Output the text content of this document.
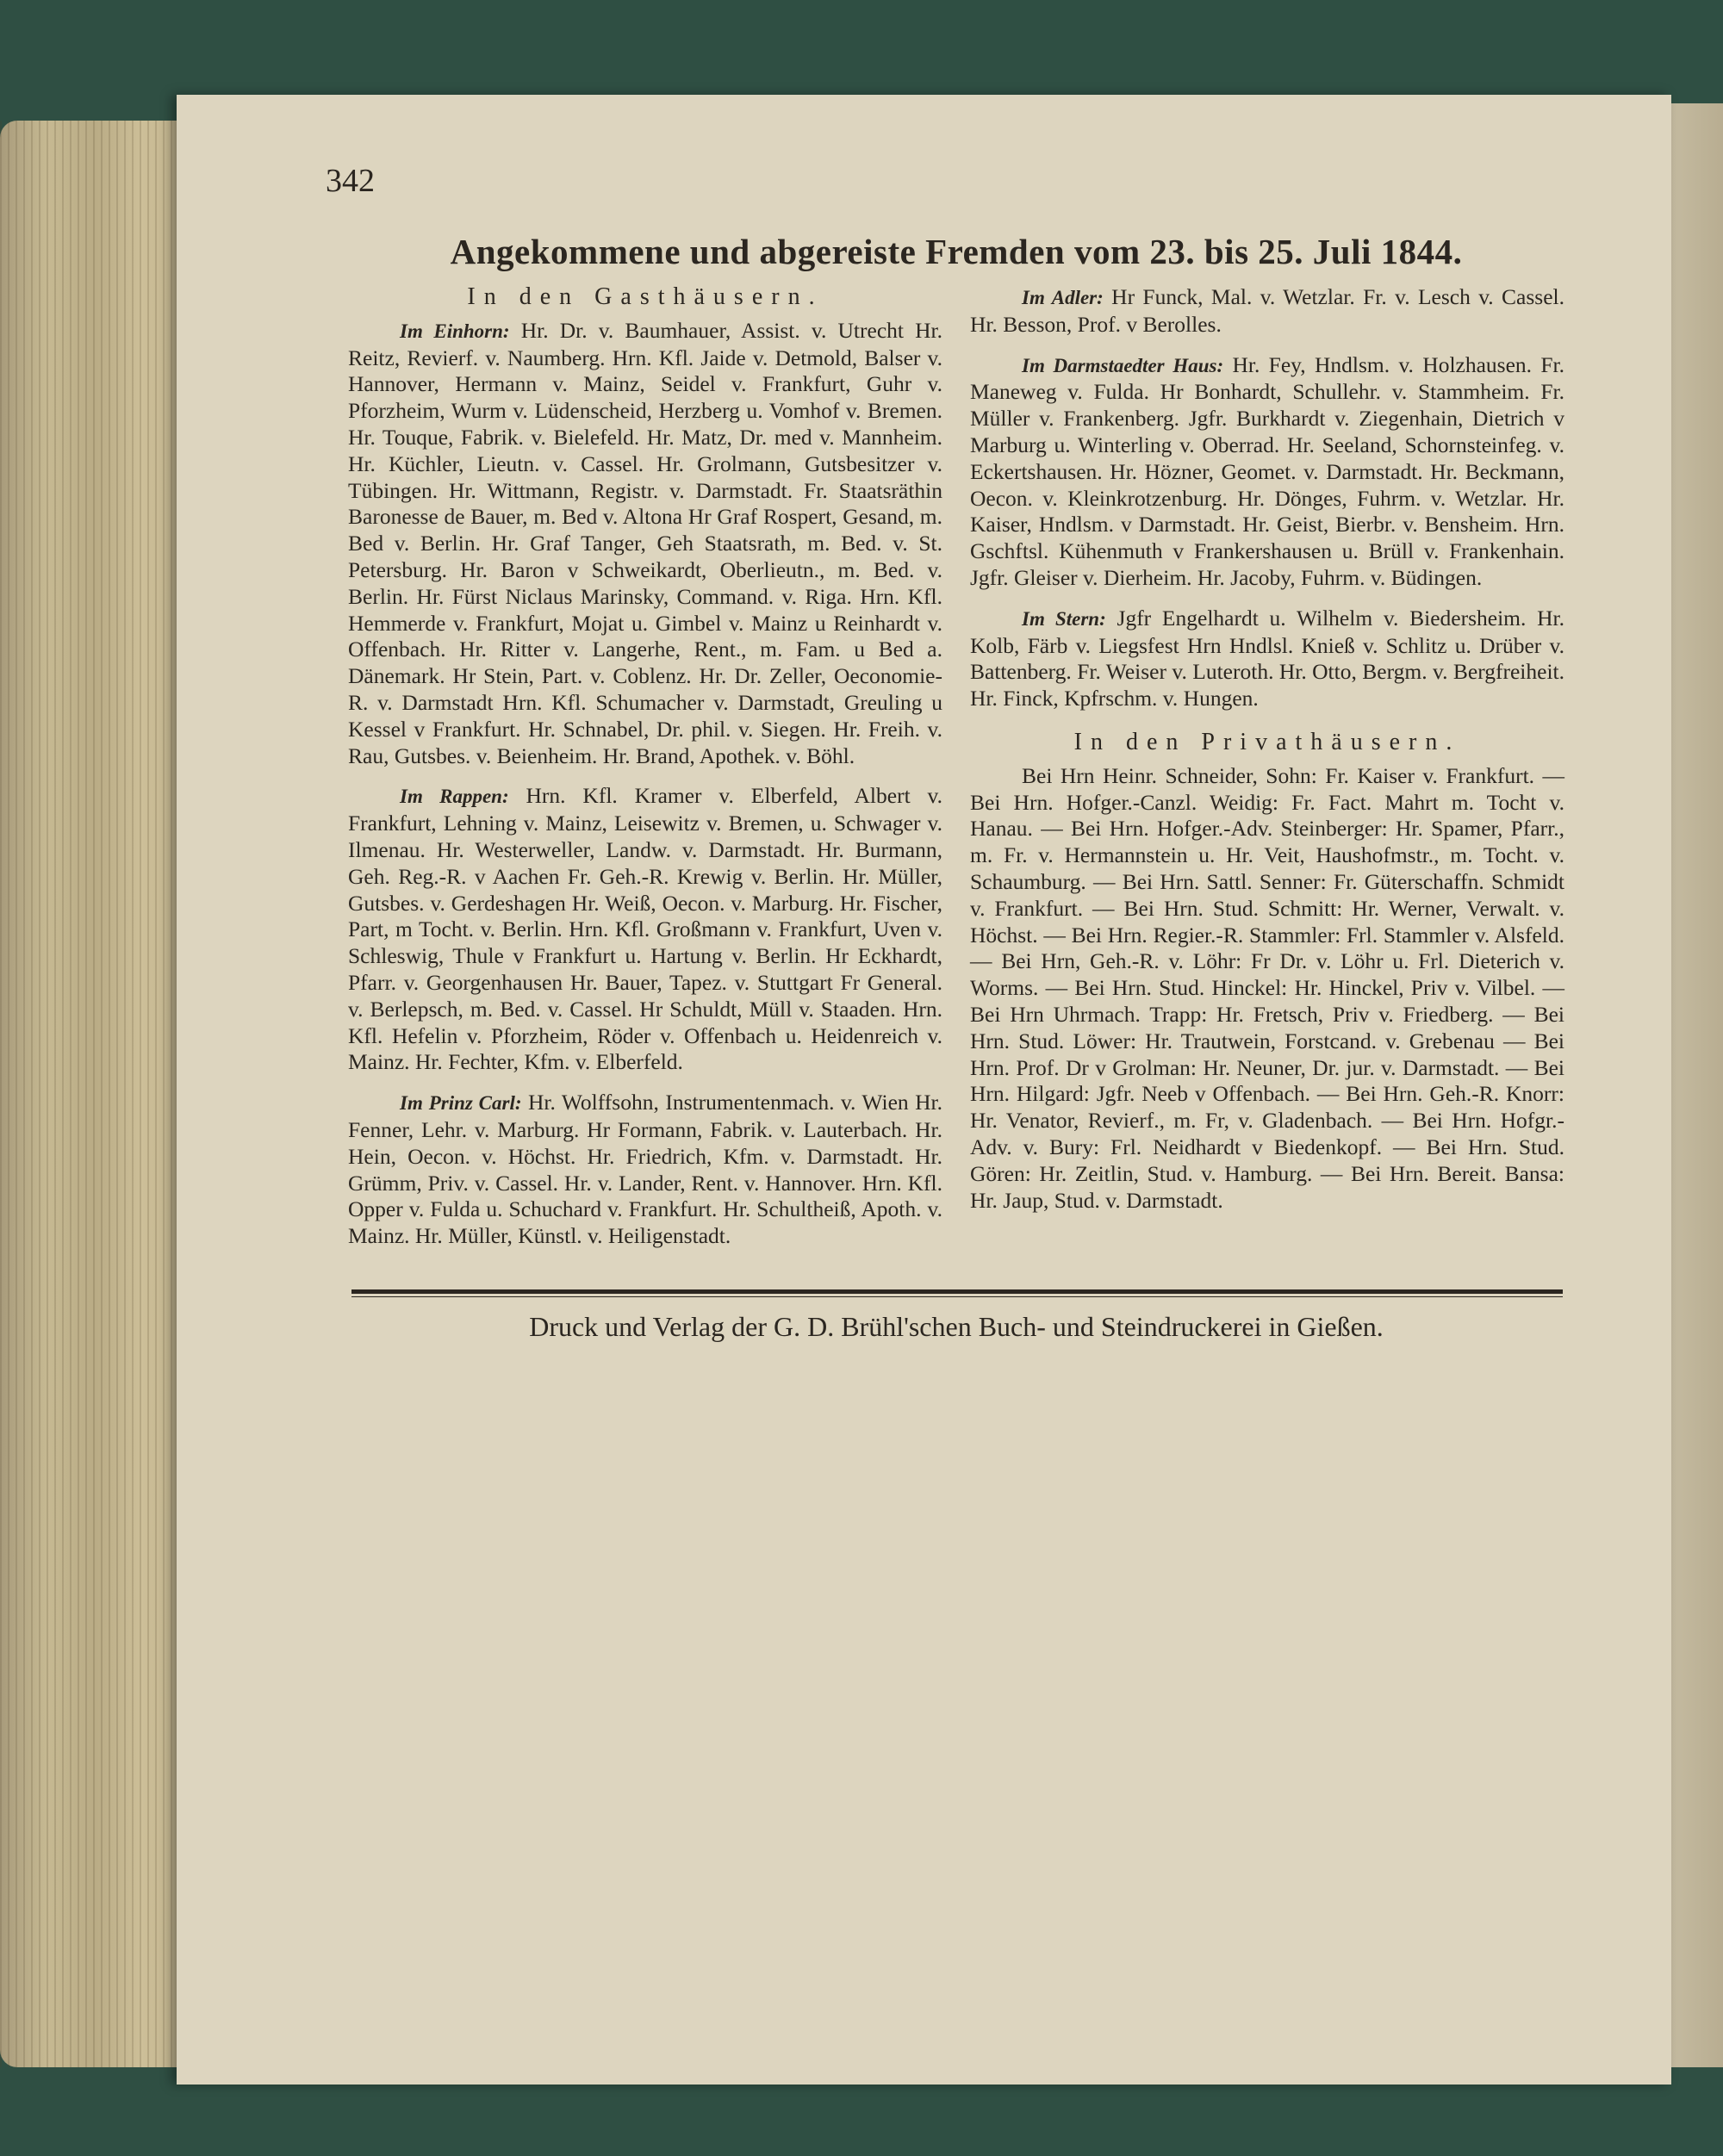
342
Angekommene und abgereiste Fremden vom 23. bis 25. Juli 1844.
In den Gasthäusern.

Im Einhorn: Hr. Dr. v. Baumhauer, Assist. v. Utrecht Hr. Reitz, Revierf. v. Naumberg. Hrn. Kfl. Jaide v. Detmold, Balser v. Hannover, Hermann v. Mainz, Seidel v. Frankfurt, Guhr v. Pforzheim, Wurm v. Lüdenscheid, Herzberg u. Vomhof v. Bremen. Hr. Touque, Fabrik. v. Bielefeld. Hr. Matz, Dr. med v. Mannheim. Hr. Küchler, Lieutn. v. Cassel. Hr. Grolmann, Gutsbesitzer v. Tübingen. Hr. Wittmann, Registr. v. Darmstadt. Fr. Staatsräthin Baronesse de Bauer, m. Bed v. Altona Hr Graf Rospert, Gesand, m. Bed v. Berlin. Hr. Graf Tanger, Geh Staatsrath, m. Bed. v. St. Petersburg. Hr. Baron v Schweikardt, Oberlieutn., m. Bed. v. Berlin. Hr. Fürst Niclaus Marinsky, Command. v. Riga. Hrn. Kfl. Hemmerde v. Frankfurt, Mojat u. Gimbel v. Mainz u Reinhardt v. Offenbach. Hr. Ritter v. Langerhe, Rent., m. Fam. u Bed a. Dänemark. Hr Stein, Part. v. Coblenz. Hr. Dr. Zeller, Oeconomie-R. v. Darmstadt Hrn. Kfl. Schumacher v. Darmstadt, Greuling u Kessel v Frankfurt. Hr. Schnabel, Dr. phil. v. Siegen. Hr. Freih. v. Rau, Gutsbes. v. Beienheim. Hr. Brand, Apothek. v. Böhl.

Im Rappen: Hrn. Kfl. Kramer v. Elberfeld, Albert v. Frankfurt, Lehning v. Mainz, Leisewitz v. Bremen, u. Schwager v. Ilmenau. Hr. Westerweller, Landw. v. Darmstadt. Hr. Burmann, Geh. Reg.-R. v Aachen Fr. Geh.-R. Krewig v. Berlin. Hr. Müller, Gutsbes. v. Gerdeshagen Hr. Weiß, Oecon. v. Marburg. Hr. Fischer, Part, m Tocht. v. Berlin. Hrn. Kfl. Großmann v. Frankfurt, Uven v. Schleswig, Thule v Frankfurt u. Hartung v. Berlin. Hr Eckhardt, Pfarr. v. Georgenhausen Hr. Bauer, Tapez. v. Stuttgart Fr General. v. Berlepsch, m. Bed. v. Cassel. Hr Schuldt, Müll v. Staaden. Hrn. Kfl. Hefelin v. Pforzheim, Röder v. Offenbach u. Heidenreich v. Mainz. Hr. Fechter, Kfm. v. Elberfeld.

Im Prinz Carl: Hr. Wolffsohn, Instrumentenmach. v. Wien Hr. Fenner, Lehr. v. Marburg. Hr Formann, Fabrik. v. Lauterbach. Hr. Hein, Oecon. v. Höchst. Hr. Friedrich, Kfm. v. Darmstadt. Hr. Grümm, Priv. v. Cassel. Hr. v. Lander, Rent. v. Hannover. Hrn. Kfl. Opper v. Fulda u. Schuchard v. Frankfurt. Hr. Schultheiß, Apoth. v. Mainz. Hr. Müller, Künstl. v. Heiligenstadt.

Im Adler: Hr Funck, Mal. v. Wetzlar. Fr. v. Lesch v. Cassel. Hr. Besson, Prof. v Berolles.

Im Darmstaedter Haus: Hr. Fey, Hndlsm. v. Holzhausen. Fr. Maneweg v. Fulda. Hr Bonhardt, Schullehr. v. Stammheim. Fr. Müller v. Frankenberg. Jgfr. Burkhardt v. Ziegenhain, Dietrich v Marburg u. Winterling v. Oberrad. Hr. Seeland, Schornsteinfeg. v. Eckertshausen. Hr. Hözner, Geomet. v. Darmstadt. Hr. Beckmann, Oecon. v. Kleinkrotzenburg. Hr. Dönges, Fuhrm. v. Wetzlar. Hr. Kaiser, Hndlsm. v Darmstadt. Hr. Geist, Bierbr. v. Bensheim. Hrn. Gschftsl. Kühenmuth v Frankershausen u. Brüll v. Frankenhain. Jgfr. Gleiser v. Dierheim. Hr. Jacoby, Fuhrm. v. Büdingen.

Im Stern: Jgfr Engelhardt u. Wilhelm v. Biedersheim. Hr. Kolb, Färb v. Liegsfest Hrn Hndlsl. Knieß v. Schlitz u. Drüber v. Battenberg. Fr. Weiser v. Luteroth. Hr. Otto, Bergm. v. Bergfreiheit. Hr. Finck, Kpfrschm. v. Hungen.

In den Privathäusern.

Bei Hrn Heinr. Schneider, Sohn: Fr. Kaiser v. Frankfurt. — Bei Hrn. Hofger.-Canzl. Weidig: Fr. Fact. Mahrt m. Tocht v. Hanau. — Bei Hrn. Hofger.-Adv. Steinberger: Hr. Spamer, Pfarr., m. Fr. v. Hermannstein u. Hr. Veit, Haushofmstr., m. Tocht. v. Schaumburg. — Bei Hrn. Sattl. Senner: Fr. Güterschaffn. Schmidt v. Frankfurt. — Bei Hrn. Stud. Schmitt: Hr. Werner, Verwalt. v. Höchst. — Bei Hrn. Regier.-R. Stammler: Frl. Stammler v. Alsfeld. — Bei Hrn, Geh.-R. v. Löhr: Fr Dr. v. Löhr u. Frl. Dieterich v. Worms. — Bei Hrn. Stud. Hinckel: Hr. Hinckel, Priv v. Vilbel. — Bei Hrn Uhrmach. Trapp: Hr. Fretsch, Priv v. Friedberg. — Bei Hrn. Stud. Löwer: Hr. Trautwein, Forstcand. v. Grebenau — Bei Hrn. Prof. Dr v Grolman: Hr. Neuner, Dr. jur. v. Darmstadt. — Bei Hrn. Hilgard: Jgfr. Neeb v Offenbach. — Bei Hrn. Geh.-R. Knorr: Hr. Venator, Revierf., m. Fr, v. Gladenbach. — Bei Hrn. Hofgr.-Adv. v. Bury: Frl. Neidhardt v Biedenkopf. — Bei Hrn. Stud. Gören: Hr. Zeitlin, Stud. v. Hamburg. — Bei Hrn. Bereit. Bansa: Hr. Jaup, Stud. v. Darmstadt.

Druck und Verlag der G. D. Brühl'schen Buch- und Steindruckerei in Gießen.
